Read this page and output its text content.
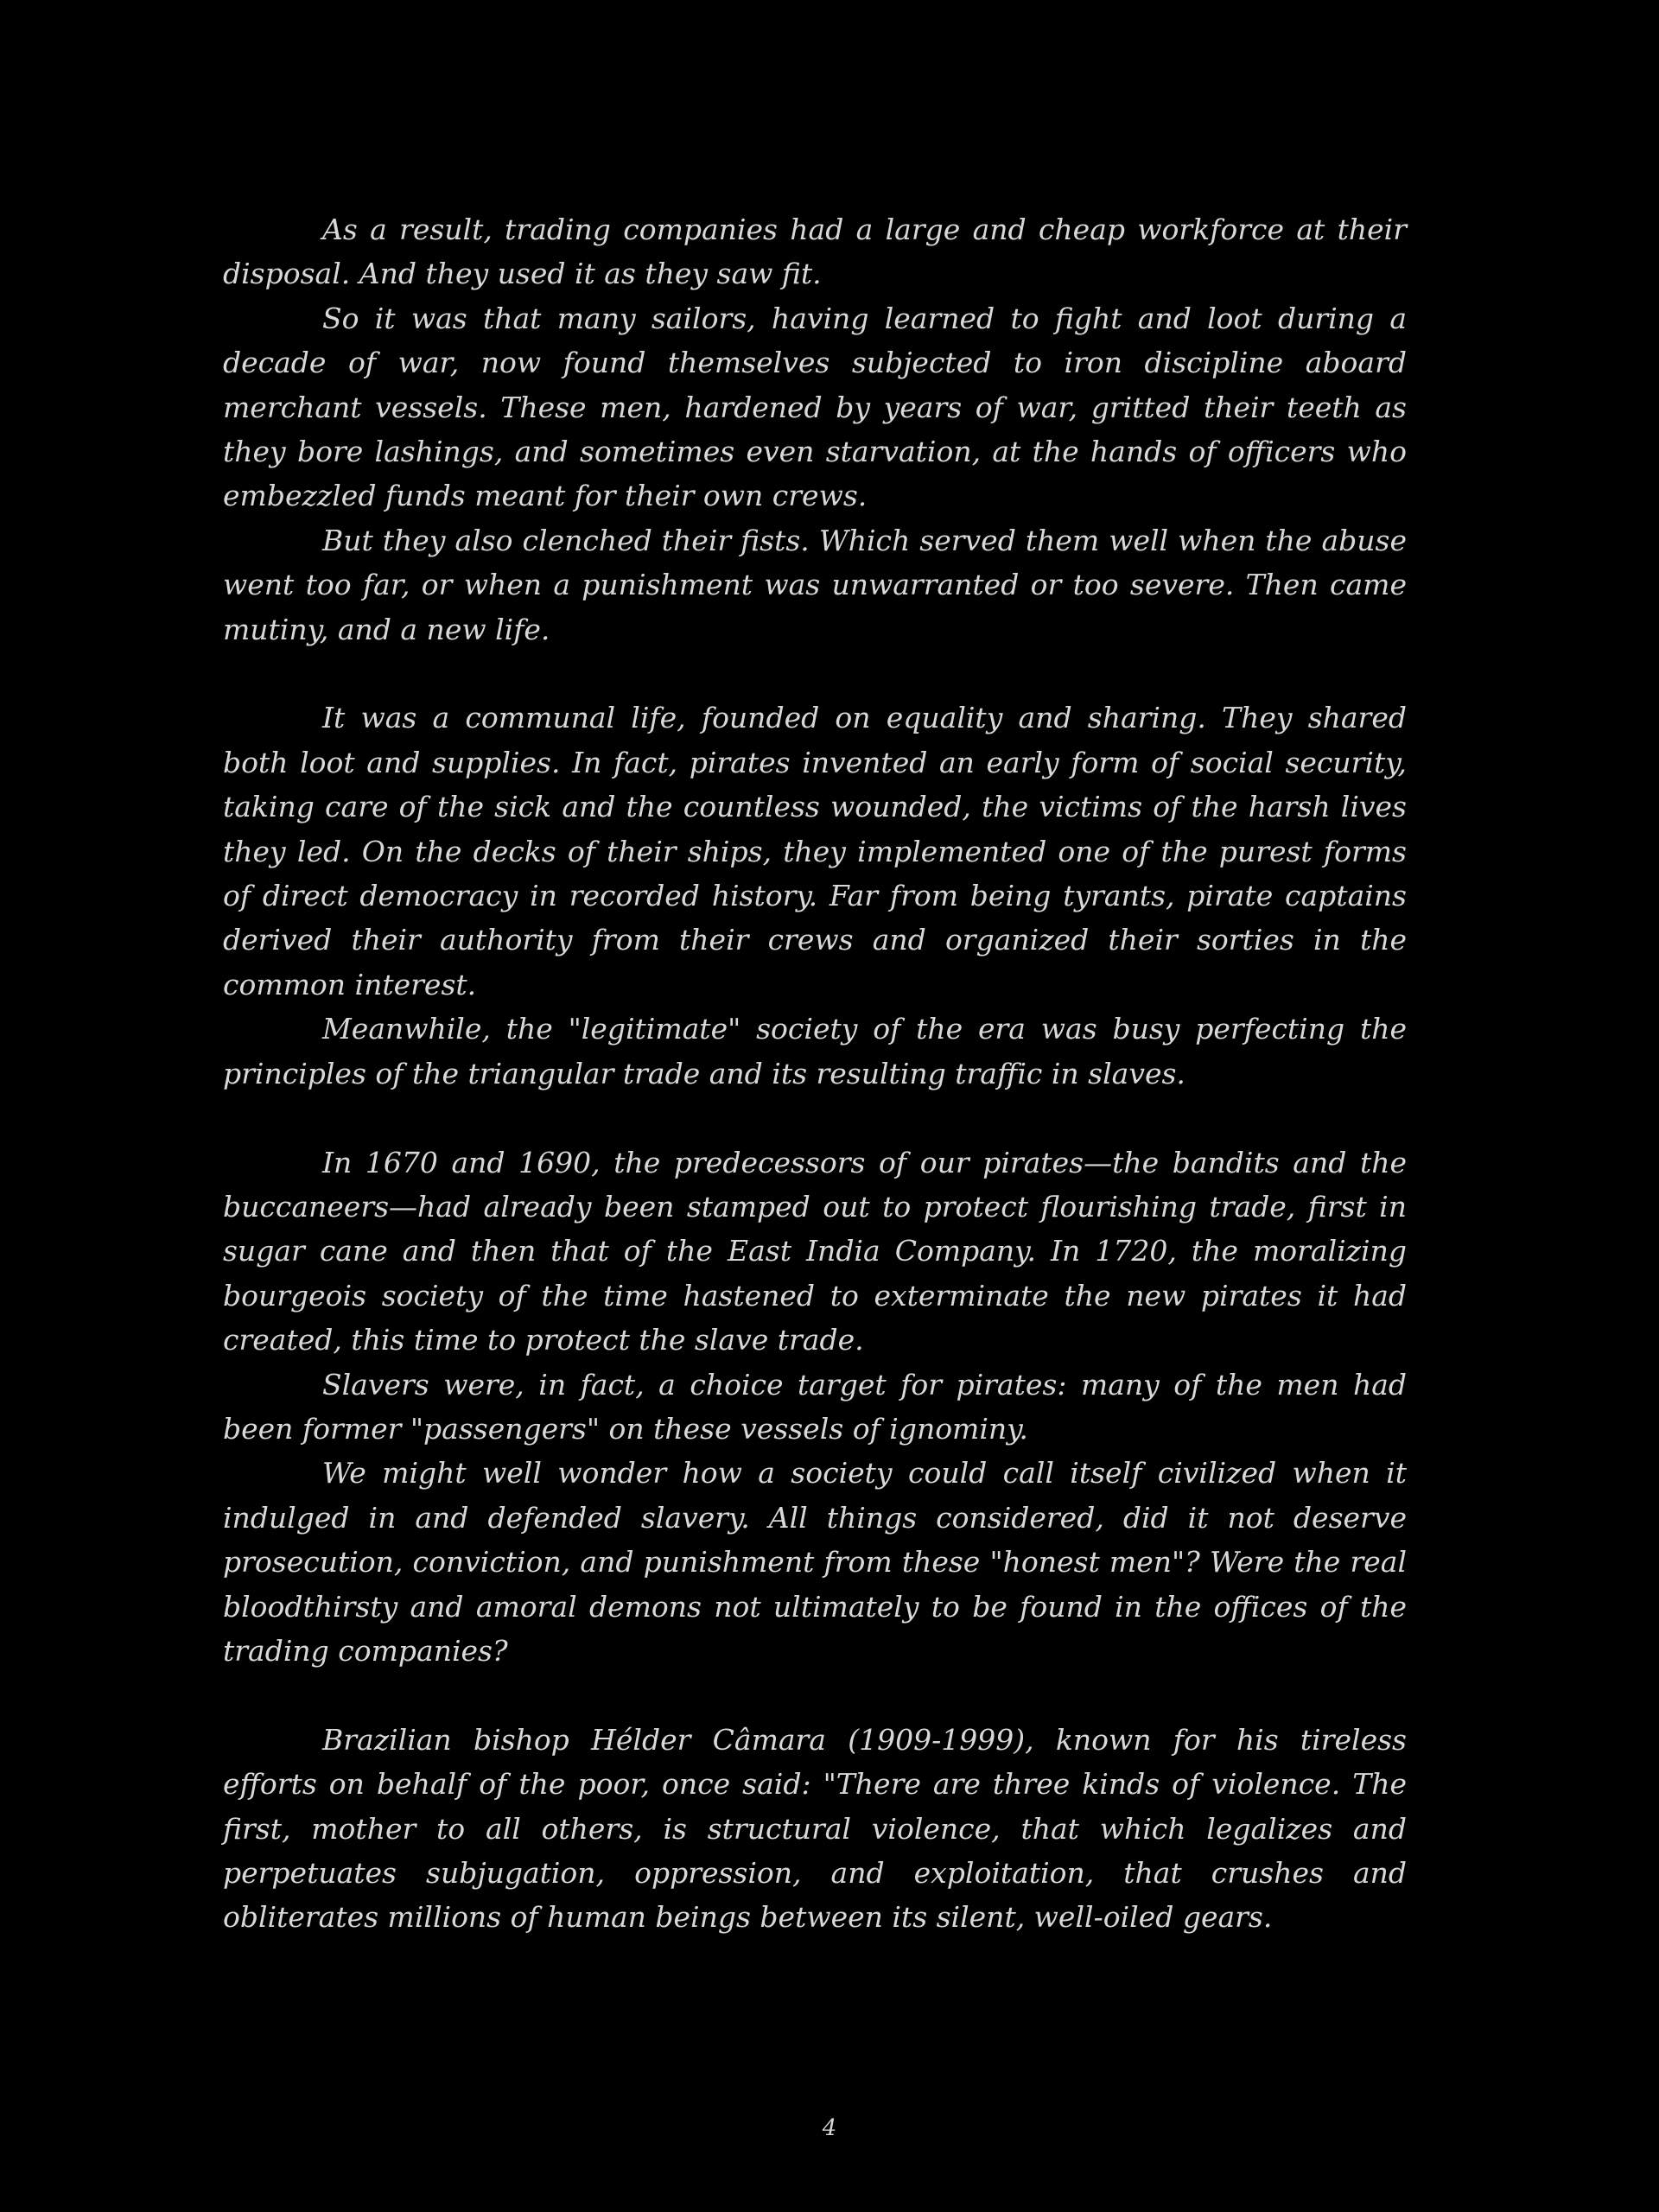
As a result, trading companies had a large and cheap workforce at their disposal. And they used it as they saw fit.

So it was that many sailors, having learned to fight and loot during a decade of war, now found themselves subjected to iron discipline aboard merchant vessels. These men, hardened by years of war, gritted their teeth as they bore lashings, and sometimes even starvation, at the hands of officers who embezzled funds meant for their own crews.

But they also clenched their fists. Which served them well when the abuse went too far, or when a punishment was unwarranted or too severe. Then came mutiny, and a new life.

It was a communal life, founded on equality and sharing. They shared both loot and supplies. In fact, pirates invented an early form of social security, taking care of the sick and the countless wounded, the victims of the harsh lives they led. On the decks of their ships, they implemented one of the purest forms of direct democracy in recorded history. Far from being tyrants, pirate captains derived their authority from their crews and organized their sorties in the common interest.

Meanwhile, the "legitimate" society of the era was busy perfecting the principles of the triangular trade and its resulting traffic in slaves.

In 1670 and 1690, the predecessors of our pirates—the bandits and the buccaneers—had already been stamped out to protect flourishing trade, first in sugar cane and then that of the East India Company. In 1720, the moralizing bourgeois society of the time hastened to exterminate the new pirates it had created, this time to protect the slave trade.

Slavers were, in fact, a choice target for pirates: many of the men had been former "passengers" on these vessels of ignominy.

We might well wonder how a society could call itself civilized when it indulged in and defended slavery. All things considered, did it not deserve prosecution, conviction, and punishment from these "honest men"? Were the real bloodthirsty and amoral demons not ultimately to be found in the offices of the trading companies?

Brazilian bishop Hélder Câmara (1909-1999), known for his tireless efforts on behalf of the poor, once said: "There are three kinds of violence. The first, mother to all others, is structural violence, that which legalizes and perpetuates subjugation, oppression, and exploitation, that crushes and obliterates millions of human beings between its silent, well-oiled gears.

4
